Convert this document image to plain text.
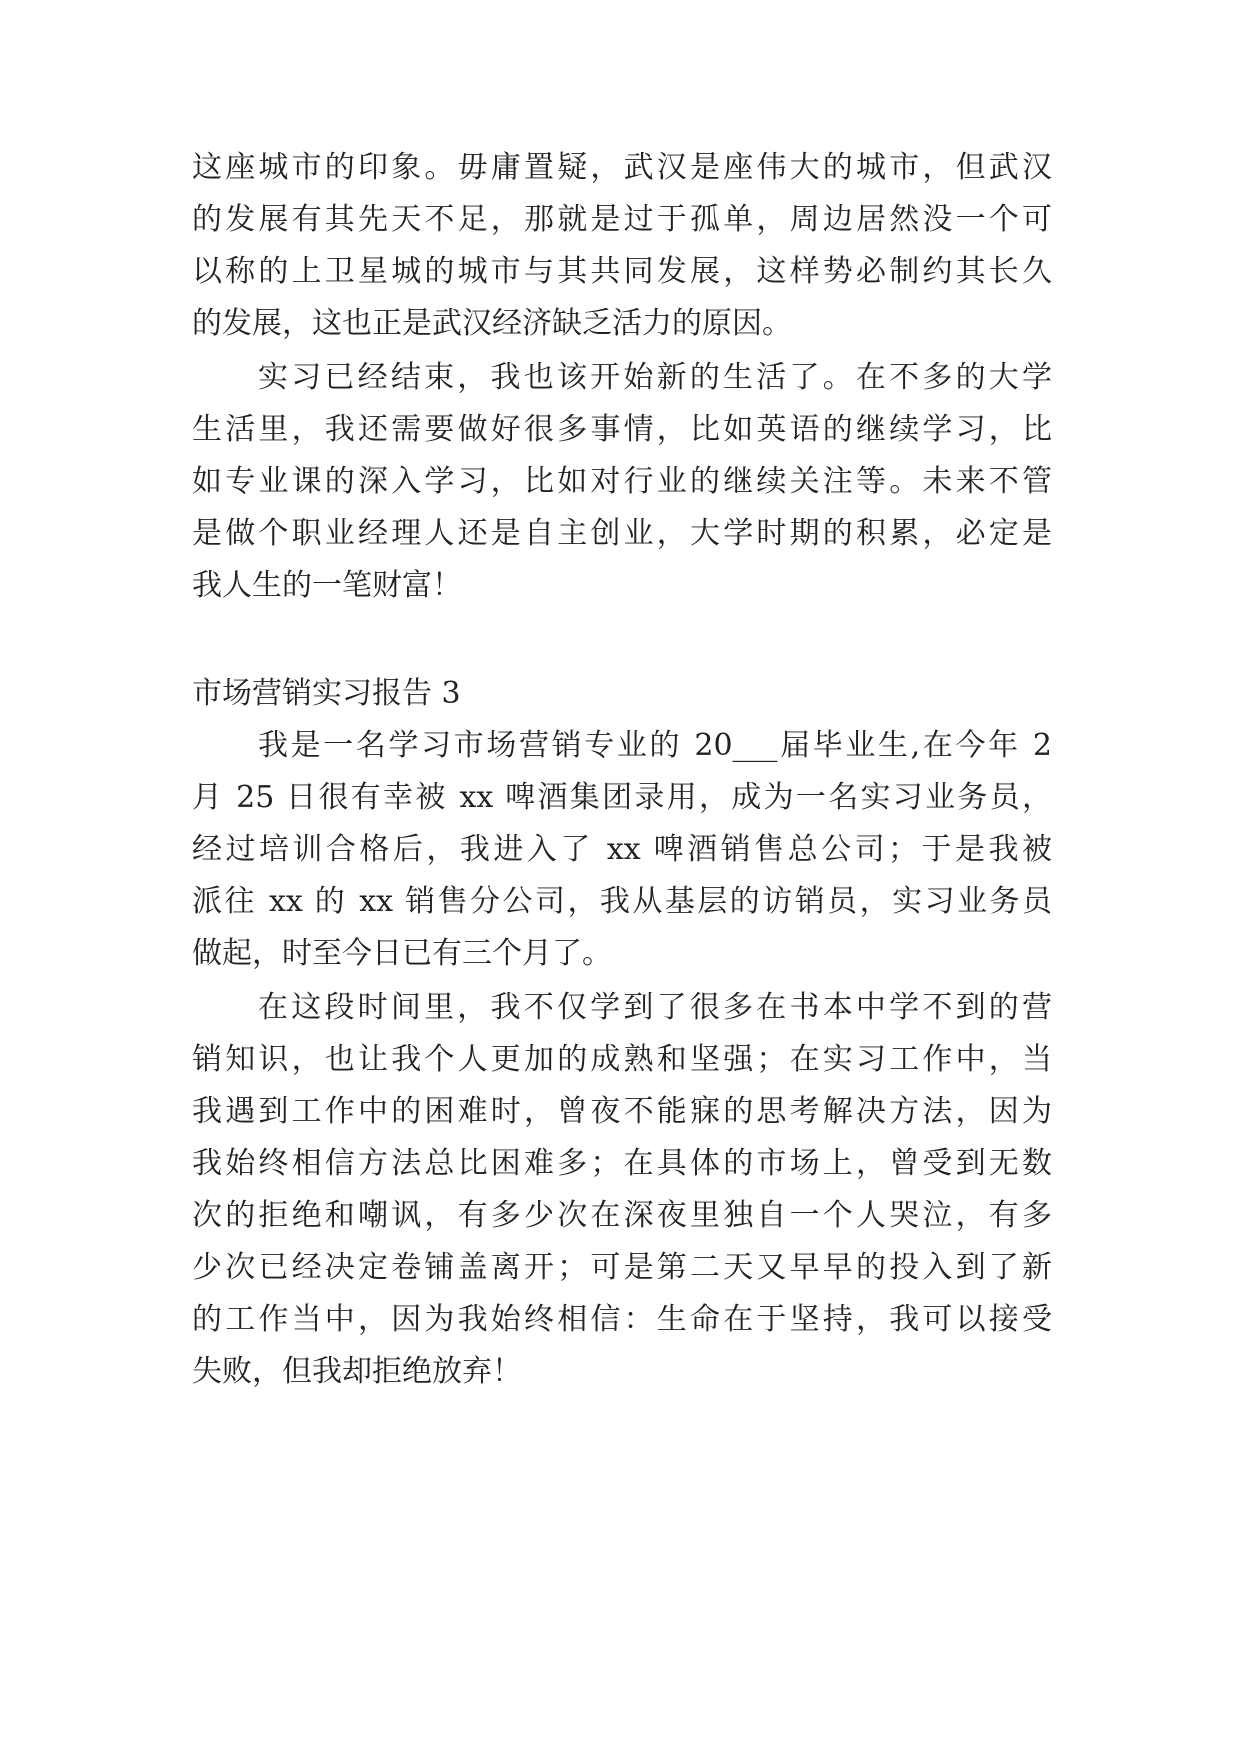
这座城市的印象。毋庸置疑，武汉是座伟大的城市，但武汉

的发展有其先天不足，那就是过于孤单，周边居然没一个可

以称的上卫星城的城市与其共同发展，这样势必制约其长久

的发展，这也正是武汉经济缺乏活力的原因。

实习已经结束，我也该开始新的生活了。在不多的大学

生活里，我还需要做好很多事情，比如英语的继续学习，比

如专业课的深入学习，比如对行业的继续关注等。未来不管

是做个职业经理人还是自主创业，大学时期的积累，必定是

我人生的一笔财富！

市场营销实习报告 3

我是一名学习市场营销专业的 20___届毕业生,在今年 2

月 25 日很有幸被 xx 啤酒集团录用，成为一名实习业务员，

经过培训合格后，我进入了 xx 啤酒销售总公司；于是我被

派往 xx 的 xx 销售分公司，我从基层的访销员，实习业务员

做起，时至今日已有三个月了。

在这段时间里，我不仅学到了很多在书本中学不到的营

销知识，也让我个人更加的成熟和坚强；在实习工作中，当

我遇到工作中的困难时，曾夜不能寐的思考解决方法，因为

我始终相信方法总比困难多；在具体的市场上，曾受到无数

次的拒绝和嘲讽，有多少次在深夜里独自一个人哭泣，有多

少次已经决定卷铺盖离开；可是第二天又早早的投入到了新

的工作当中，因为我始终相信：生命在于坚持，我可以接受

失败，但我却拒绝放弃！
